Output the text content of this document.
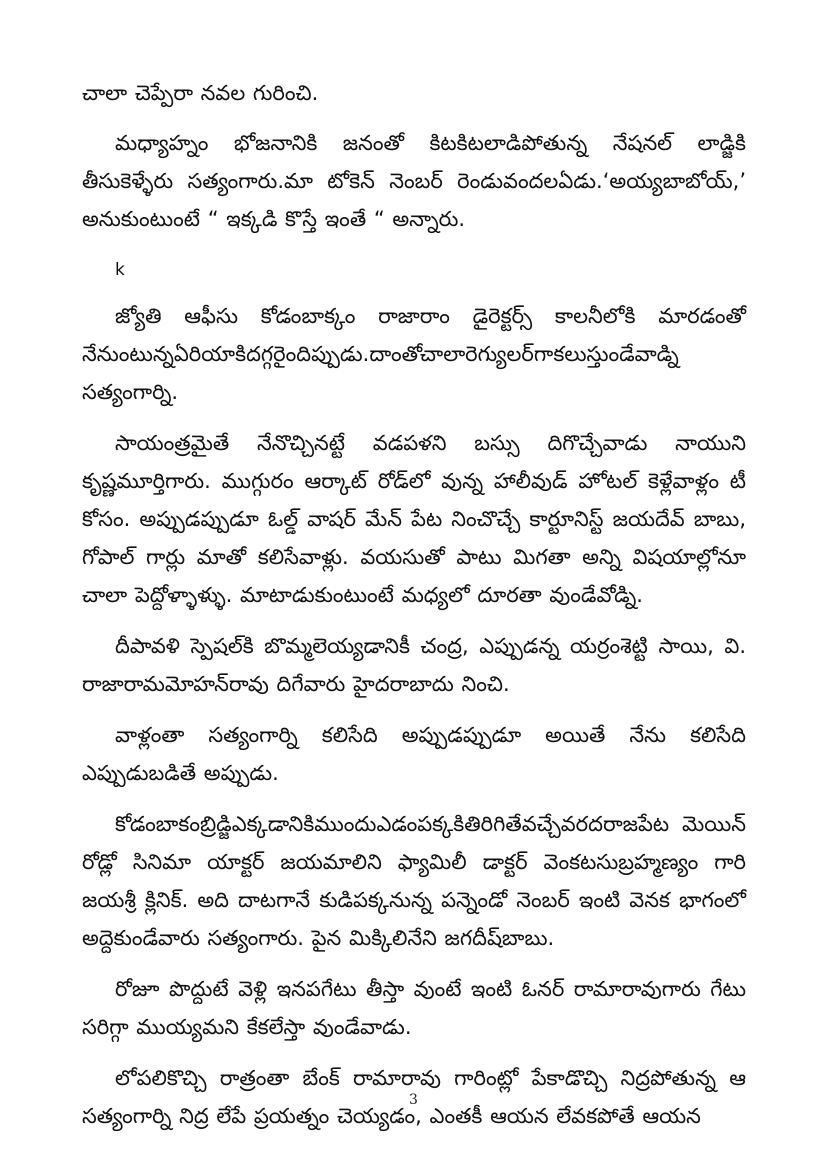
చాలా చెప్పేరా నవల గురించి.

మధ్యాహ్నం భోజనానికి జనంతో కిటకిటలాడిపోతున్న నేషనల్ లాడ్జికి తీసుకెళ్ళేరు సత్యంగారు.మా టోకెన్ నెంబర్ రెండువందలఏడు.‘అయ్యబాబోయ్,’ అనుకుంటుంటే “ ఇక్కడి కొస్తే ఇంతే “ అన్నారు.

k

జ్యోతి ఆఫీసు కోడంబాక్కం రాజారాం డైరెక్టర్స్ కాలనీలోకి మారడంతో నేనుంటున్నఏరియాకిదగ్గరైందిప్పుడు.దాంతోచాలారెగ్యులర్‌గాకలుస్తుండేవాడ్ని సత్యంగార్ని.

సాయంత్రమైతే నేనొచ్చినట్టే వడపళని బస్సు దిగొచ్చేవాడు నాయుని కృష్ణమూర్తిగారు. ముగ్గురం ఆర్కాట్ రోడ్‌లో వున్న హాలీవుడ్ హోటల్ కెళ్లేవాళ్లం టీ కోసం. అప్పుడప్పుడూ ఓల్డ్ వాషర్ మేన్ పేట నించొచ్చే కార్టూనిస్ట్ జయదేవ్ బాబు, గోపాల్ గార్లు మాతో కలిసేవాళ్లు. వయసుతో పాటు మిగతా అన్ని విషయాల్లోనూ చాలా పెద్దోళ్ళాళ్ళు. మాటాడుకుంటుంటే మధ్యలో దూరతా వుండేవోడ్ని.

దీపావళి స్పెషల్‌కి బొమ్మలెయ్యడానికీ చంద్ర, ఎప్పుడన్న యర్రంశెట్టి సాయి, వి. రాజారామమోహన్‌రావు దిగేవారు హైదరాబాదు నించి.

వాళ్లంతా సత్యంగార్ని కలిసేది అప్పుడప్పుడూ అయితే నేను కలిసేది ఎప్పుడుబడితే అప్పుడు.

కోడంబాకంబ్రిడ్జిఎక్కడానికిముందుఎడంపక్కకితిరిగితేవచ్చేవరదరాజపేట మెయిన్ రోడ్లో సినిమా యాక్టర్ జయమాలిని ఫ్యామిలీ డాక్టర్ వెంకటసుబ్రహ్మణ్యం గారి జయశ్రీ క్లినిక్. అది దాటగానే కుడిపక్కనున్న పన్నెండో నెంబర్ ఇంటి వెనక భాగంలో అద్దెకుండేవారు సత్యంగారు. పైన మిక్కిలినేని జగదీష్‌బాబు.

రోజూ పొద్దుటే వెళ్లి ఇనపగేటు తీస్తా వుంటే ఇంటి ఓనర్ రామారావుగారు గేటు సరిగ్గా ముయ్యమని కేకలేస్తా వుండేవాడు.

లోపలికొచ్చి రాత్రంతా బేంక్ రామారావు గారింట్లో పేకాడొచ్చి నిద్రపోతున్న ఆ సత్యంగార్ని నిద్ర లేపే ప్రయత్నం చెయ్యడం, ఎంతకీ ఆయన లేవకపోతే ఆయన

3
